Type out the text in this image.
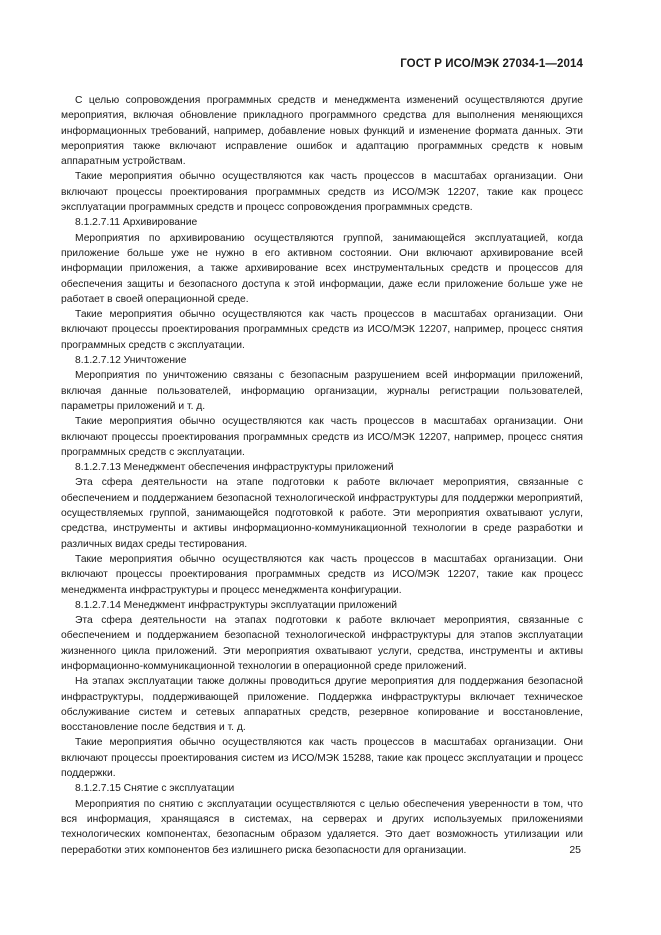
ГОСТ Р ИСО/МЭК 27034-1—2014

С целью сопровождения программных средств и менеджмента изменений осуществляются другие мероприятия, включая обновление прикладного программного средства для выполнения меняющихся информационных требований, например, добавление новых функций и изменение формата данных. Эти мероприятия также включают исправление ошибок и адаптацию программных средств к новым аппаратным устройствам.

Такие мероприятия обычно осуществляются как часть процессов в масштабах организации. Они включают процессы проектирования программных средств из ИСО/МЭК 12207, такие как процесс эксплуатации программных средств и процесс сопровождения программных средств.

8.1.2.7.11 Архивирование

Мероприятия по архивированию осуществляются группой, занимающейся эксплуатацией, когда приложение больше уже не нужно в его активном состоянии. Они включают архивирование всей информации приложения, а также архивирование всех инструментальных средств и процессов для обеспечения защиты и безопасного доступа к этой информации, даже если приложение больше уже не работает в своей операционной среде.

Такие мероприятия обычно осуществляются как часть процессов в масштабах организации. Они включают процессы проектирования программных средств из ИСО/МЭК 12207, например, процесс снятия программных средств с эксплуатации.

8.1.2.7.12 Уничтожение

Мероприятия по уничтожению связаны с безопасным разрушением всей информации приложений, включая данные пользователей, информацию организации, журналы регистрации пользователей, параметры приложений и т. д.

Такие мероприятия обычно осуществляются как часть процессов в масштабах организации. Они включают процессы проектирования программных средств из ИСО/МЭК 12207, например, процесс снятия программных средств с эксплуатации.

8.1.2.7.13 Менеджмент обеспечения инфраструктуры приложений

Эта сфера деятельности на этапе подготовки к работе включает мероприятия, связанные с обеспечением и поддержанием безопасной технологической инфраструктуры для поддержки мероприятий, осуществляемых группой, занимающейся подготовкой к работе. Эти мероприятия охватывают услуги, средства, инструменты и активы информационно-коммуникационной технологии в среде разработки и различных видах среды тестирования.

Такие мероприятия обычно осуществляются как часть процессов в масштабах организации. Они включают процессы проектирования программных средств из ИСО/МЭК 12207, такие как процесс менеджмента инфраструктуры и процесс менеджмента конфигурации.

8.1.2.7.14 Менеджмент инфраструктуры эксплуатации приложений

Эта сфера деятельности на этапах подготовки к работе включает мероприятия, связанные с обеспечением и поддержанием безопасной технологической инфраструктуры для этапов эксплуатации жизненного цикла приложений. Эти мероприятия охватывают услуги, средства, инструменты и активы информационно-коммуникационной технологии в операционной среде приложений.

На этапах эксплуатации также должны проводиться другие мероприятия для поддержания безопасной инфраструктуры, поддерживающей приложение. Поддержка инфраструктуры включает техническое обслуживание систем и сетевых аппаратных средств, резервное копирование и восстановление, восстановление после бедствия и т. д.

Такие мероприятия обычно осуществляются как часть процессов в масштабах организации. Они включают процессы проектирования систем из ИСО/МЭК 15288, такие как процесс эксплуатации и процесс поддержки.

8.1.2.7.15 Снятие с эксплуатации

Мероприятия по снятию с эксплуатации осуществляются с целью обеспечения уверенности в том, что вся информация, хранящаяся в системах, на серверах и других используемых приложениями технологических компонентах, безопасным образом удаляется. Это дает возможность утилизации или переработки этих компонентов без излишнего риска безопасности для организации.	25
